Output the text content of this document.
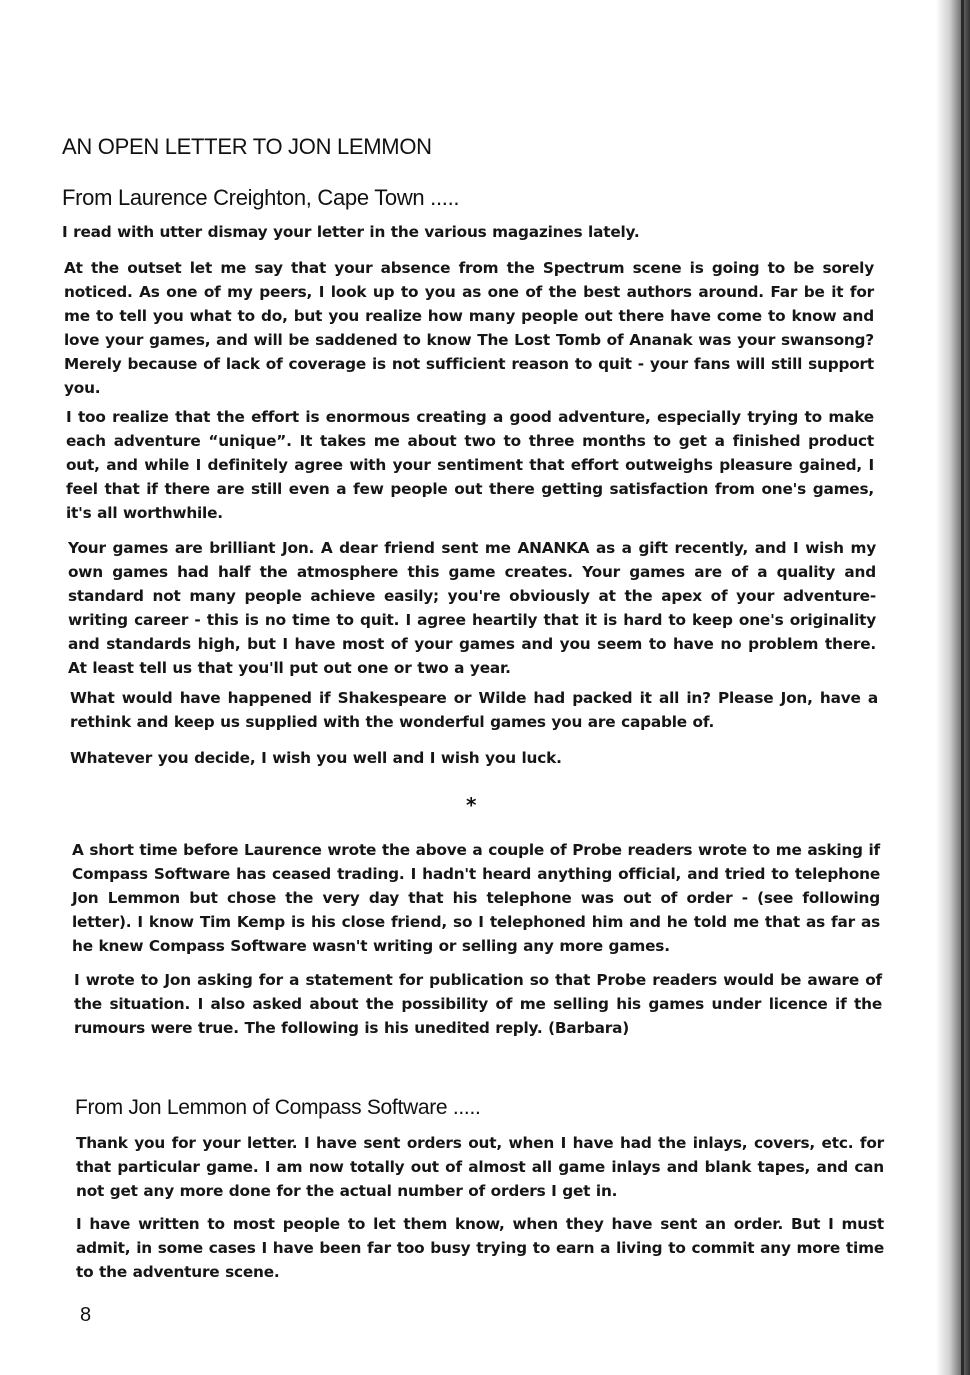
AN OPEN LETTER TO JON LEMMON
From Laurence Creighton, Cape Town .....

I read with utter dismay your letter in the various magazines lately.

At the outset let me say that your absence from the Spectrum scene is going to be sorely noticed. As one of my peers, I look up to you as one of the best authors around. Far be it for me to tell you what to do, but you realize how many people out there have come to know and love your games, and will be saddened to know The Lost Tomb of Ananak was your swansong? Merely because of lack of coverage is not sufficient reason to quit - your fans will still support you.

I too realize that the effort is enormous creating a good adventure, especially trying to make each adventure “unique”. It takes me about two to three months to get a finished product out, and while I definitely agree with your sentiment that effort outweighs pleasure gained, I feel that if there are still even a few people out there getting satisfaction from one's games, it's all worthwhile.

Your games are brilliant Jon. A dear friend sent me ANANKA as a gift recently, and I wish my own games had half the atmosphere this game creates. Your games are of a quality and standard not many people achieve easily; you're obviously at the apex of your adventure-writing career - this is no time to quit. I agree heartily that it is hard to keep one's originality and standards high, but I have most of your games and you seem to have no problem there. At least tell us that you'll put out one or two a year.

What would have happened if Shakespeare or Wilde had packed it all in? Please Jon, have a rethink and keep us supplied with the wonderful games you are capable of.

Whatever you decide, I wish you well and I wish you luck.

*

A short time before Laurence wrote the above a couple of Probe readers wrote to me asking if Compass Software has ceased trading. I hadn't heard anything official, and tried to telephone Jon Lemmon but chose the very day that his telephone was out of order - (see following letter). I know Tim Kemp is his close friend, so I telephoned him and he told me that as far as he knew Compass Software wasn't writing or selling any more games.

I wrote to Jon asking for a statement for publication so that Probe readers would be aware of the situation. I also asked about the possibility of me selling his games under licence if the rumours were true. The following is his unedited reply. (Barbara)

From Jon Lemmon of Compass Software .....

Thank you for your letter. I have sent orders out, when I have had the inlays, covers, etc. for that particular game. I am now totally out of almost all game inlays and blank tapes, and can not get any more done for the actual number of orders I get in.

I have written to most people to let them know, when they have sent an order. But I must admit, in some cases I have been far too busy trying to earn a living to commit any more time to the adventure scene.

8
